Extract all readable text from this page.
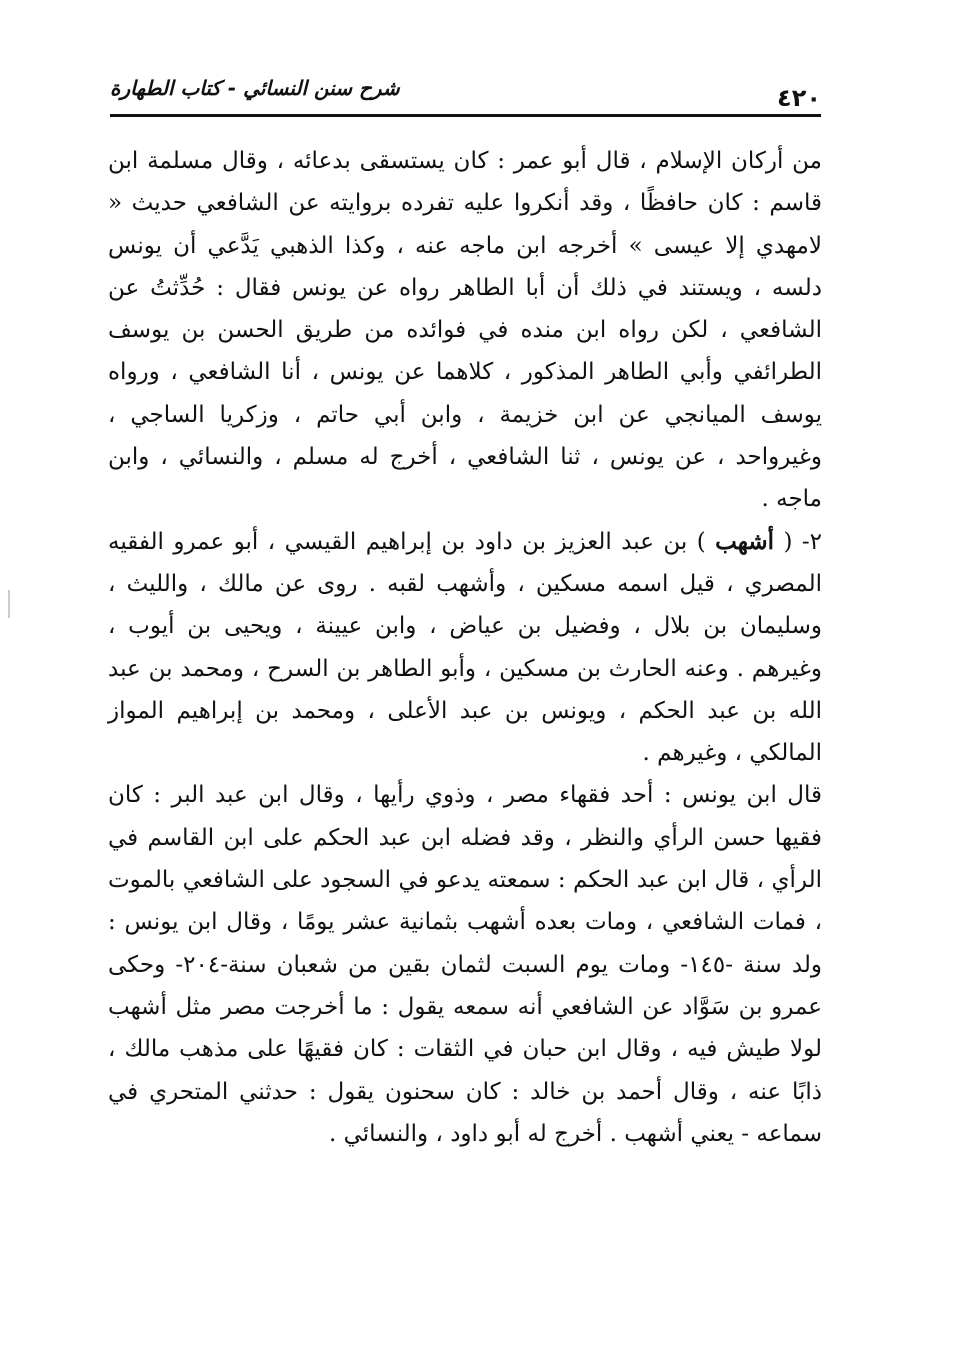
٤٢٠
شرح سنن النسائي - كتاب الطهارة

من أركان الإسلام ، قال أبو عمر : كان يستسقى بدعائه ، وقال مسلمة ابن قاسم : كان حافظًا ، وقد أنكروا عليه تفرده بروايته عن الشافعي حديث « لامهدي إلا عيسى » أخرجه ابن ماجه عنه ، وكذا الذهبي يَدَّعي أن يونس دلسه ، ويستند في ذلك أن أبا الطاهر رواه عن يونس فقال : حُدِّثتُ عن الشافعي ، لكن رواه ابن منده في فوائده من طريق الحسن بن يوسف الطرائفي وأبي الطاهر المذكور ، كلاهما عن يونس ، أنا الشافعي ، ورواه يوسف الميانجي عن ابن خزيمة ، وابن أبي حاتم ، وزكريا الساجي ، وغيرواحد ، عن يونس ، ثنا الشافعي ، أخرج له مسلم ، والنسائي ، وابن ماجه .

٢- ( أشهب ) بن عبد العزيز بن داود بن إبراهيم القيسي ، أبو عمرو الفقيه المصري ، قيل اسمه مسكين ، وأشهب لقبه . روى عن مالك ، والليث ، وسليمان بن بلال ، وفضيل بن عياض ، وابن عيينة ، ويحيى بن أيوب ، وغيرهم . وعنه الحارث بن مسكين ، وأبو الطاهر بن السرح ، ومحمد بن عبد الله بن عبد الحكم ، ويونس بن عبد الأعلى ، ومحمد بن إبراهيم المواز المالكي ، وغيرهم .

قال ابن يونس : أحد فقهاء مصر ، وذوي رأيها ، وقال ابن عبد البر : كان فقيها حسن الرأي والنظر ، وقد فضله ابن عبد الحكم على ابن القاسم في الرأي ، قال ابن عبد الحكم : سمعته يدعو في السجود على الشافعي بالموت ، فمات الشافعي ، ومات بعده أشهب بثمانية عشر يومًا ، وقال ابن يونس : ولد سنة -١٤٥- ومات يوم السبت لثمان بقين من شعبان سنة-٢٠٤- وحكى عمرو بن سَوَّاد عن الشافعي أنه سمعه يقول : ما أخرجت مصر مثل أشهب لولا طيش فيه ، وقال ابن حبان في الثقات : كان فقيهًا على مذهب مالك ، ذابًا عنه ، وقال أحمد بن خالد : كان سحنون يقول : حدثني المتحري في سماعه - يعني أشهب . أخرج له أبو داود ، والنسائي .
